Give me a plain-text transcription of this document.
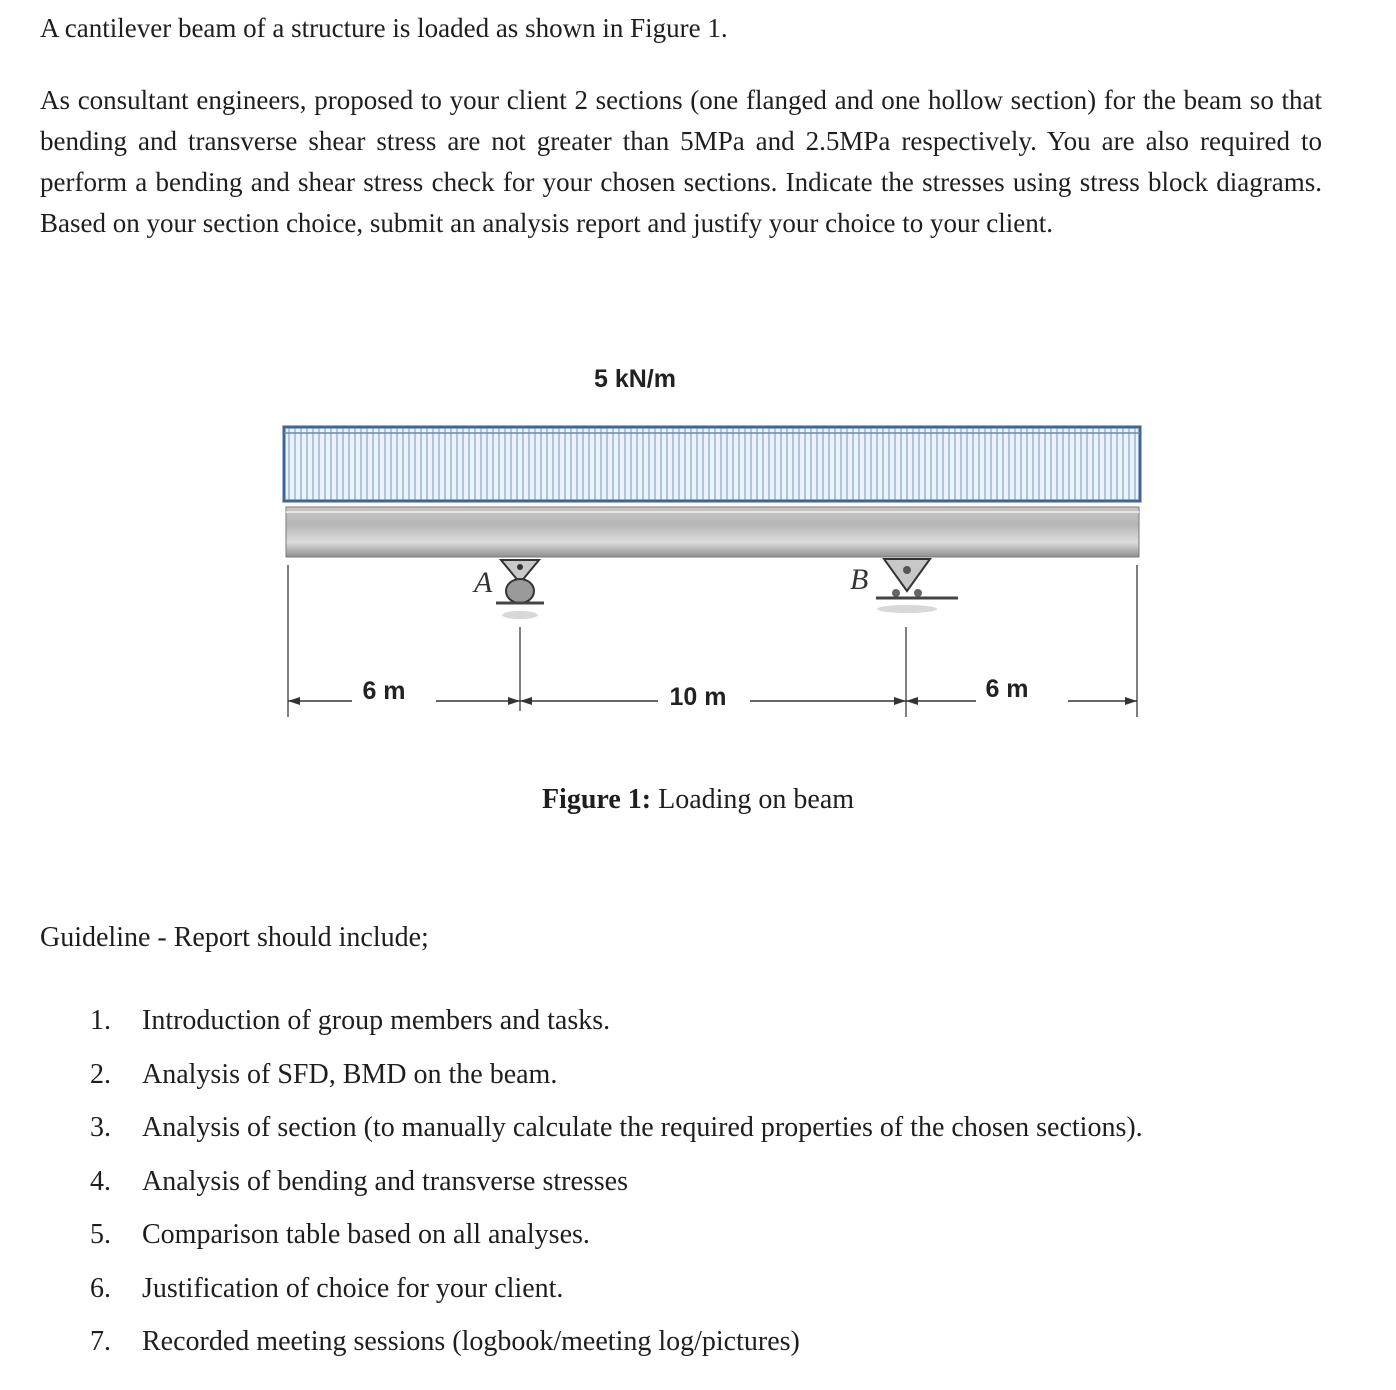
A cantilever beam of a structure is loaded as shown in Figure 1.

As consultant engineers, proposed to your client 2 sections (one flanged and one hollow section) for the beam so that bending and transverse shear stress are not greater than 5MPa and 2.5MPa respectively. You are also required to perform a bending and shear stress check for your chosen sections. Indicate the stresses using stress block diagrams. Based on your section choice, submit an analysis report and justify your choice to your client.

5 kN/m
A	B
6 m	10 m	6 m

Figure 1: Loading on beam

Guideline - Report should include;

1.	Introduction of group members and tasks.
2.	Analysis of SFD, BMD on the beam.
3.	Analysis of section (to manually calculate the required properties of the chosen sections).
4.	Analysis of bending and transverse stresses
5.	Comparison table based on all analyses.
6.	Justification of choice for your client.
7.	Recorded meeting sessions (logbook/meeting log/pictures)
